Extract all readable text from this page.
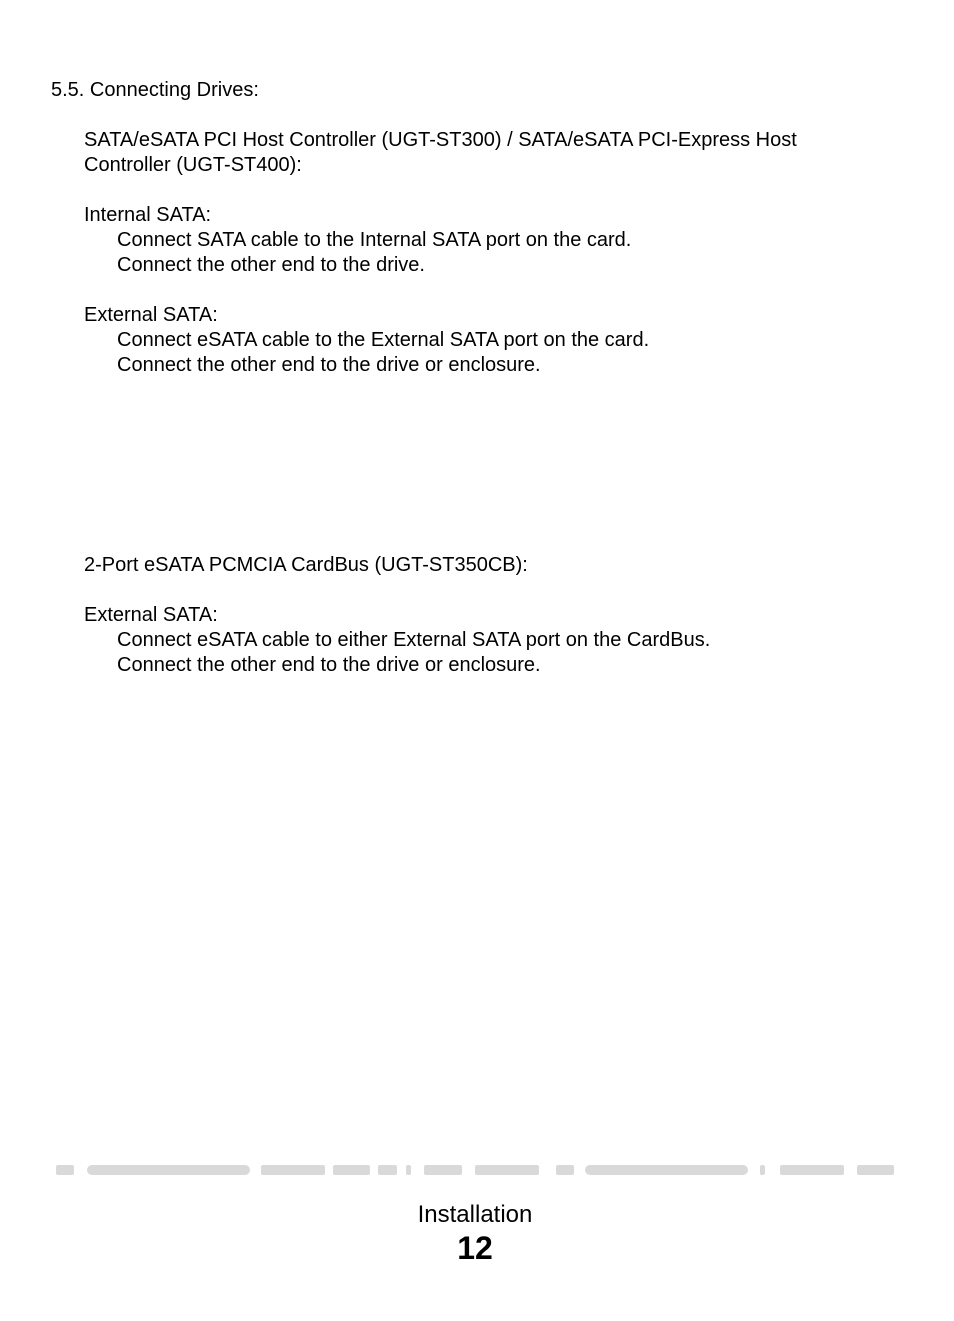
5.5. Connecting Drives:

SATA/eSATA PCI Host Controller (UGT-ST300) / SATA/eSATA PCI-Express Host

Controller (UGT-ST400):

Internal SATA:

Connect SATA cable to the Internal SATA port on the card.

Connect the other end to the drive.

External SATA:

Connect eSATA cable to the External SATA port on the card.

Connect the other end to the drive or enclosure.

2-Port eSATA PCMCIA CardBus (UGT-ST350CB):

External SATA:

Connect eSATA cable to either External SATA port on the CardBus.

Connect the other end to the drive or enclosure.

Installation
12
